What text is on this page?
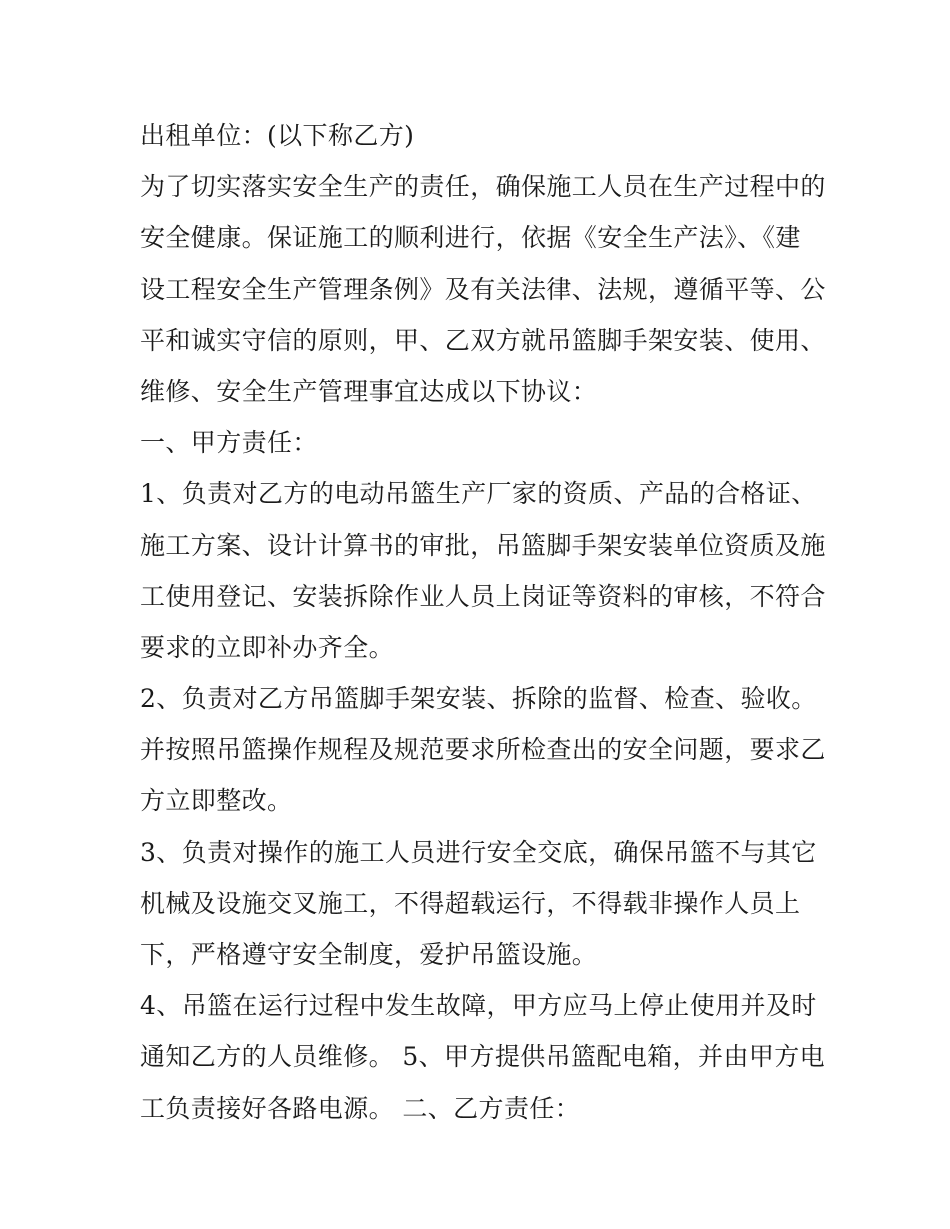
出租单位：(以下称乙方)
为了切实落实安全生产的责任，确保施工人员在生产过程中的
安全健康。保证施工的顺利进行，依据《安全生产法》、《建
设工程安全生产管理条例》及有关法律、法规，遵循平等、公
平和诚实守信的原则，甲、乙双方就吊篮脚手架安装、使用、
维修、安全生产管理事宜达成以下协议：
一、甲方责任：
1、负责对乙方的电动吊篮生产厂家的资质、产品的合格证、
施工方案、设计计算书的审批，吊篮脚手架安装单位资质及施
工使用登记、安装拆除作业人员上岗证等资料的审核，不符合
要求的立即补办齐全。
2、负责对乙方吊篮脚手架安装、拆除的监督、检查、验收。
并按照吊篮操作规程及规范要求所检查出的安全问题，要求乙
方立即整改。
3、负责对操作的施工人员进行安全交底，确保吊篮不与其它
机械及设施交叉施工，不得超载运行，不得载非操作人员上
下，严格遵守安全制度，爱护吊篮设施。
4、吊篮在运行过程中发生故障，甲方应马上停止使用并及时
通知乙方的人员维修。 5、甲方提供吊篮配电箱，并由甲方电
工负责接好各路电源。 二、乙方责任：
